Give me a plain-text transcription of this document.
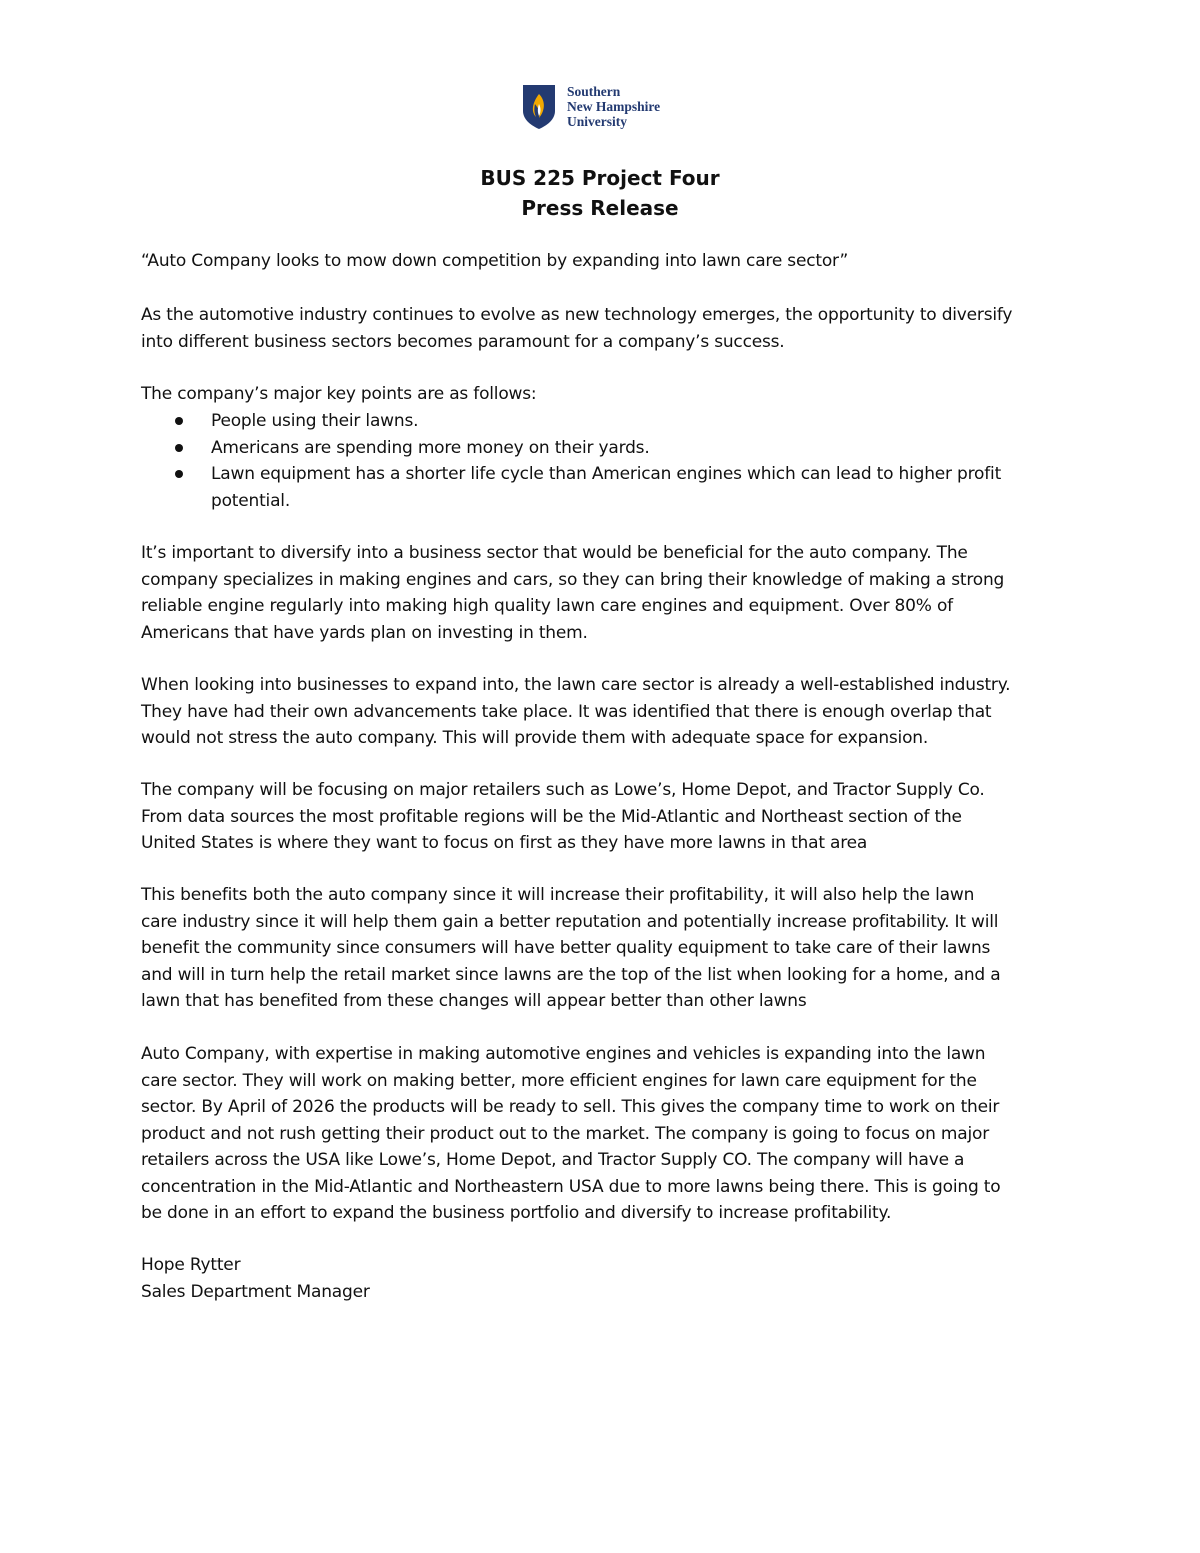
Southern
New Hampshire
University
BUS 225 Project Four
Press Release

“Auto Company looks to mow down competition by expanding into lawn care sector”

As the automotive industry continues to evolve as new technology emerges, the opportunity to diversify
into different business sectors becomes paramount for a company’s success.

The company’s major key points are as follows:

People using their lawns.
Americans are spending more money on their yards.
Lawn equipment has a shorter life cycle than American engines which can lead to higher profit
potential.
It’s important to diversify into a business sector that would be beneficial for the auto company. The
company specializes in making engines and cars, so they can bring their knowledge of making a strong
reliable engine regularly into making high quality lawn care engines and equipment. Over 80% of
Americans that have yards plan on investing in them.
When looking into businesses to expand into, the lawn care sector is already a well-established industry.
They have had their own advancements take place. It was identified that there is enough overlap that
would not stress the auto company. This will provide them with adequate space for expansion.
The company will be focusing on major retailers such as Lowe’s, Home Depot, and Tractor Supply Co.
From data sources the most profitable regions will be the Mid-Atlantic and Northeast section of the
United States is where they want to focus on first as they have more lawns in that area
This benefits both the auto company since it will increase their profitability, it will also help the lawn
care industry since it will help them gain a better reputation and potentially increase profitability. It will
benefit the community since consumers will have better quality equipment to take care of their lawns
and will in turn help the retail market since lawns are the top of the list when looking for a home, and a
lawn that has benefited from these changes will appear better than other lawns
Auto Company, with expertise in making automotive engines and vehicles is expanding into the lawn
care sector. They will work on making better, more efficient engines for lawn care equipment for the
sector. By April of 2026 the products will be ready to sell. This gives the company time to work on their
product and not rush getting their product out to the market. The company is going to focus on major
retailers across the USA like Lowe’s, Home Depot, and Tractor Supply CO. The company will have a
concentration in the Mid-Atlantic and Northeastern USA due to more lawns being there. This is going to
be done in an effort to expand the business portfolio and diversify to increase profitability.
Hope Rytter
Sales Department Manager
